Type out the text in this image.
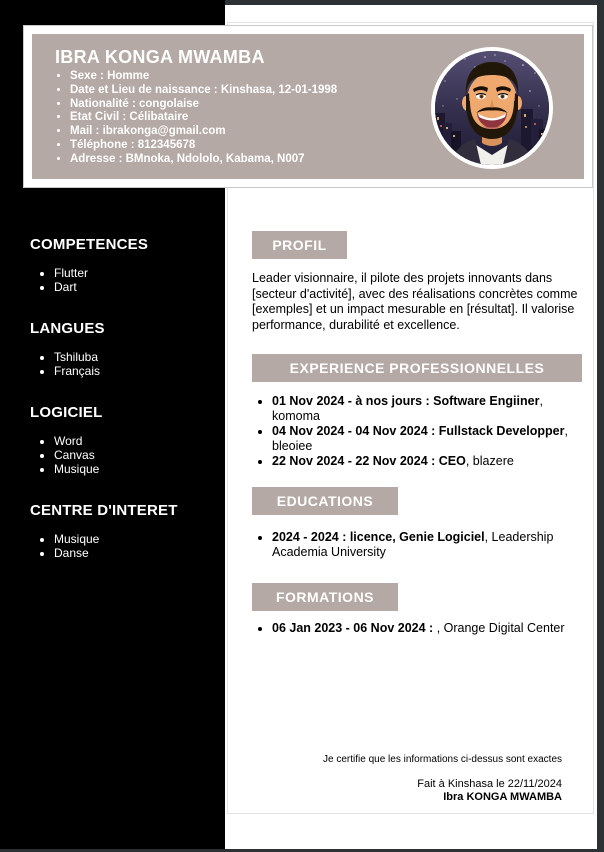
IBRA KONGA MWAMBA
• Sexe : Homme
• Date et Lieu de naissance : Kinshasa, 12-01-1998
• Nationalité : congolaise
• Etat Civil : Célibataire
• Mail : ibrakonga@gmail.com
• Téléphone : 812345678
• Adresse : BMnoka, Ndololo, Kabama, N007
COMPETENCES
• Flutter
• Dart
LANGUES
• Tshiluba
• Français
LOGICIEL
• Word
• Canvas
• Musique
CENTRE D'INTERET
• Musique
• Danse
PROFIL

Leader visionnaire, il pilote des projets innovants dans [secteur d'activité], avec des réalisations concrètes comme [exemples] et un impact mesurable en [résultat]. Il valorise performance, durabilité et excellence.

EXPERIENCE PROFESSIONNELLES
• 01 Nov 2024 - à nos jours : Software Engiiner, komoma
• 04 Nov 2024 - 04 Nov 2024 : Fullstack Developper, bleoiee
• 22 Nov 2024 - 22 Nov 2024 : CEO, blazere
EDUCATIONS
• 2024 - 2024 : licence, Genie Logiciel, Leadership Academia University
FORMATIONS
• 06 Jan 2023 - 06 Nov 2024 : , Orange Digital Center

Je certifie que les informations ci-dessus sont exactes

Fait à Kinshasa le 22/11/2024

Ibra KONGA MWAMBA
